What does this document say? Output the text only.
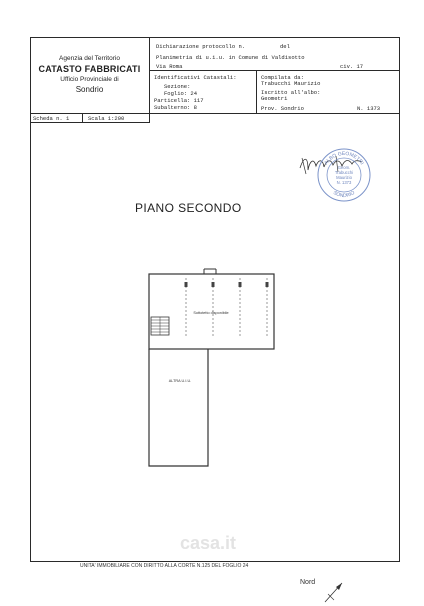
Agenzia del Territorio
CATASTO FABBRICATI
Ufficio Provinciale di
Sondrio
Dichiarazione protocollo n.	del
Planimetria di u.i.u. in Comune di Valdisotto
Via Roma	civ. 17
Identificativi Catastali:
Sezione:
Foglio: 24
Particella: 117
Subalterno: 8
Compilata da:
Trabucchi Maurizio
Iscritto all'albo:
Geometri
Prov. Sondrio	N. 1373
Scheda n. 1	Scala 1:200
ALBO GEOMETRI
SONDRIO
Geom.
Trabucchi
Maurizio
N. 1373
PIANO SECONDO
Sottotetto disponibile
ALTRA U.I.U.
casa.it
UNITA' IMMOBILIARE CON DIRITTO ALLA CORTE N.125 DEL FOGLIO 24
Nord
